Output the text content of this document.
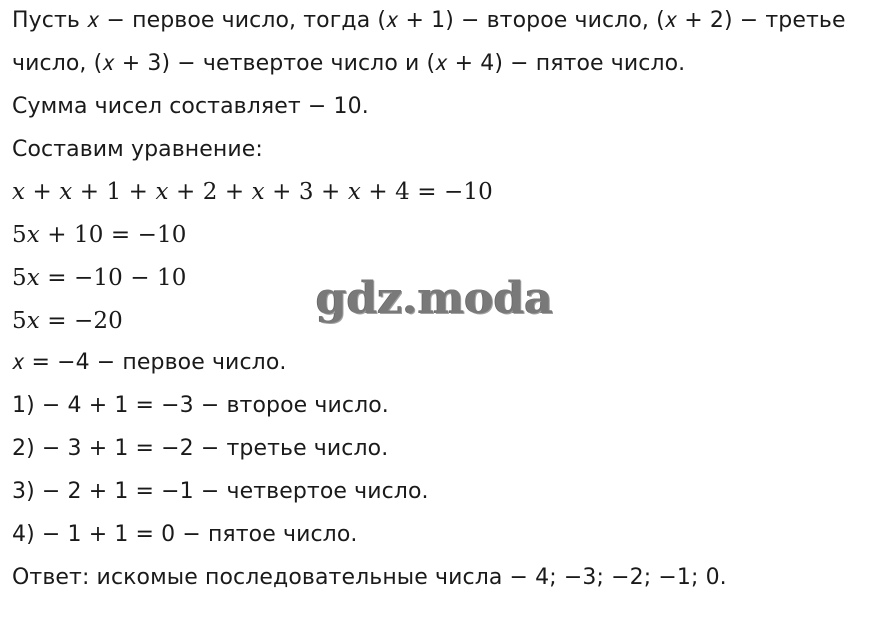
Пусть 𝑥 − первое число, тогда (𝑥 + 1) − второе число, (𝑥 + 2) − третье
число, (𝑥 + 3) − четвертое число и (𝑥 + 4) − пятое число.
Сумма чисел составляет − 10.
Составим уравнение:
𝑥 + 𝑥 + 1 + 𝑥 + 2 + 𝑥 + 3 + 𝑥 + 4 = −10
5𝑥 + 10 = −10
5𝑥 = −10 − 10
5𝑥 = −20
𝑥 = −4 − первое число.
1) − 4 + 1 = −3 − второе число.
2) − 3 + 1 = −2 − третье число.
3) − 2 + 1 = −1 − четвертое число.
4) − 1 + 1 = 0 − пятое число.
Ответ: искомые последовательные числа − 4; −3; −2; −1; 0.
gdz.moda
